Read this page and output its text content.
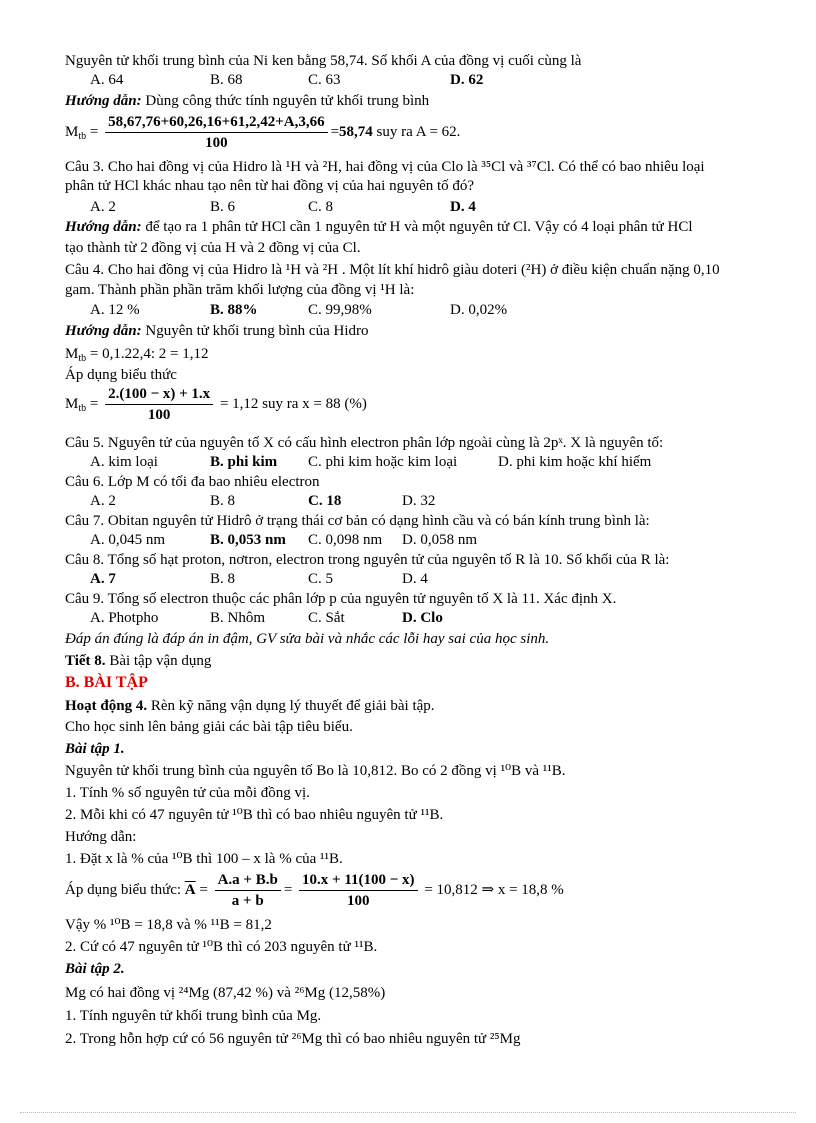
Nguyên tử khối trung bình của Ni ken bằng 58,74. Số khối A của đồng vị cuối cùng là
A. 64	B. 68	C. 63	D. 62
Hướng dẫn: Dùng công thức tính nguyên tử khối trung bình
$M_{tb} = \frac{58,67,76+60,26,16+61,2,42+A,3,66}{100} =58,74$ suy ra A = 62.
Câu 3. Cho hai đồng vị của Hidro là ¹H và ²H, hai đồng vị của Clo là ³⁵Cl và ³⁷Cl. Có thể có bao nhiêu loại
phân tử HCl khác nhau tạo nên từ hai đồng vị của hai nguyên tố đó?
A. 2	B. 6	C. 8	D. 4
Hướng dẫn: để tạo ra 1 phân tử HCl cần 1 nguyên tử H và một nguyên tử Cl. Vậy có 4 loại phân tử HCl
tạo thành từ 2 đồng vị của H và 2 đồng vị của Cl.
Câu 4. Cho hai đồng vị của Hidro là ¹H và ²H . Một lít khí hidrô giàu doteri (²H) ở điều kiện chuẩn nặng 0,10
gam. Thành phần phần trăm khối lượng của đồng vị ¹H là:
A. 12 %	B. 88%	C. 99,98%	D. 0,02%
Hướng dẫn: Nguyên tử khối trung bình của Hidro
$M_{tb} = 0,1.22,4$: 2 = 1,12
Áp dụng biểu thức
$M_{tb} = \frac{2.(100 - x) + 1.x}{100} = 1,12$ suy ra x = 88 (%)
Câu 5. Nguyên tử của nguyên tố X có cấu hình electron phân lớp ngoài cùng là 2pˣ. X là nguyên tố:
A. kim loại	B. phi kim C. phi kim hoặc kim loại	D. phi kim hoặc khí hiếm
Câu 6. Lớp M có tối đa bao nhiêu electron
A. 2	B. 8	C. 18	D. 32
Câu 7. Obitan nguyên tử Hidrô ở trạng thái cơ bản có dạng hình cầu và có bán kính trung bình là:
A. 0,045 nm	B. 0,053 nm C. 0,098 nm D. 0,058 nm
Câu 8. Tổng số hạt proton, nơtron, electron trong nguyên tử của nguyên tố R là 10. Số khối của R là:
A. 7	B. 8	C. 5	D. 4
Câu 9. Tổng số electron thuộc các phân lớp p của nguyên tử nguyên tố X là 11. Xác định X.
A. Photpho	B. Nhôm	C. Sắt	D. Clo
Đáp án đúng là đáp án in đậm, GV sửa bài và nhắc các lỗi hay sai của học sinh.
Tiết 8. Bài tập vận dụng
B. BÀI TẬP
Hoạt động 4. Rèn kỹ năng vận dụng lý thuyết để giải bài tập.
Cho học sinh lên bảng giải các bài tập tiêu biểu.
Bài tập 1.
Nguyên tử khối trung bình của nguyên tố Bo là 10,812. Bo có 2 đồng vị ¹⁰B và ¹¹B.
1. Tính % số nguyên tử của mỗi đồng vị.
2. Mỗi khi có 47 nguyên tử ¹⁰B thì có bao nhiêu nguyên tử ¹¹B.
Hướng dẫn:
1. Đặt x là % của ¹⁰B thì 100 – x là % của ¹¹B.
Áp dụng biểu thức: $\overline{A} = \frac{A.a + B.b}{a + b} = \frac{10.x + 11(100 - x)}{100} = 10,812$ ⇒ x = 18,8 %
Vậy % ¹⁰B = 18,8 và % ¹¹B = 81,2
2. Cứ có 47 nguyên tử ¹⁰B thì có 203 nguyên tử ¹¹B.
Bài tập 2.
Mg có hai đồng vị ²⁴Mg (87,42 %) và ²⁶Mg (12,58%)
1. Tính nguyên tử khối trung bình của Mg.
2. Trong hỗn hợp cứ có 56 nguyên tử ²⁶Mg thì có bao nhiêu nguyên tử ²⁵Mg
